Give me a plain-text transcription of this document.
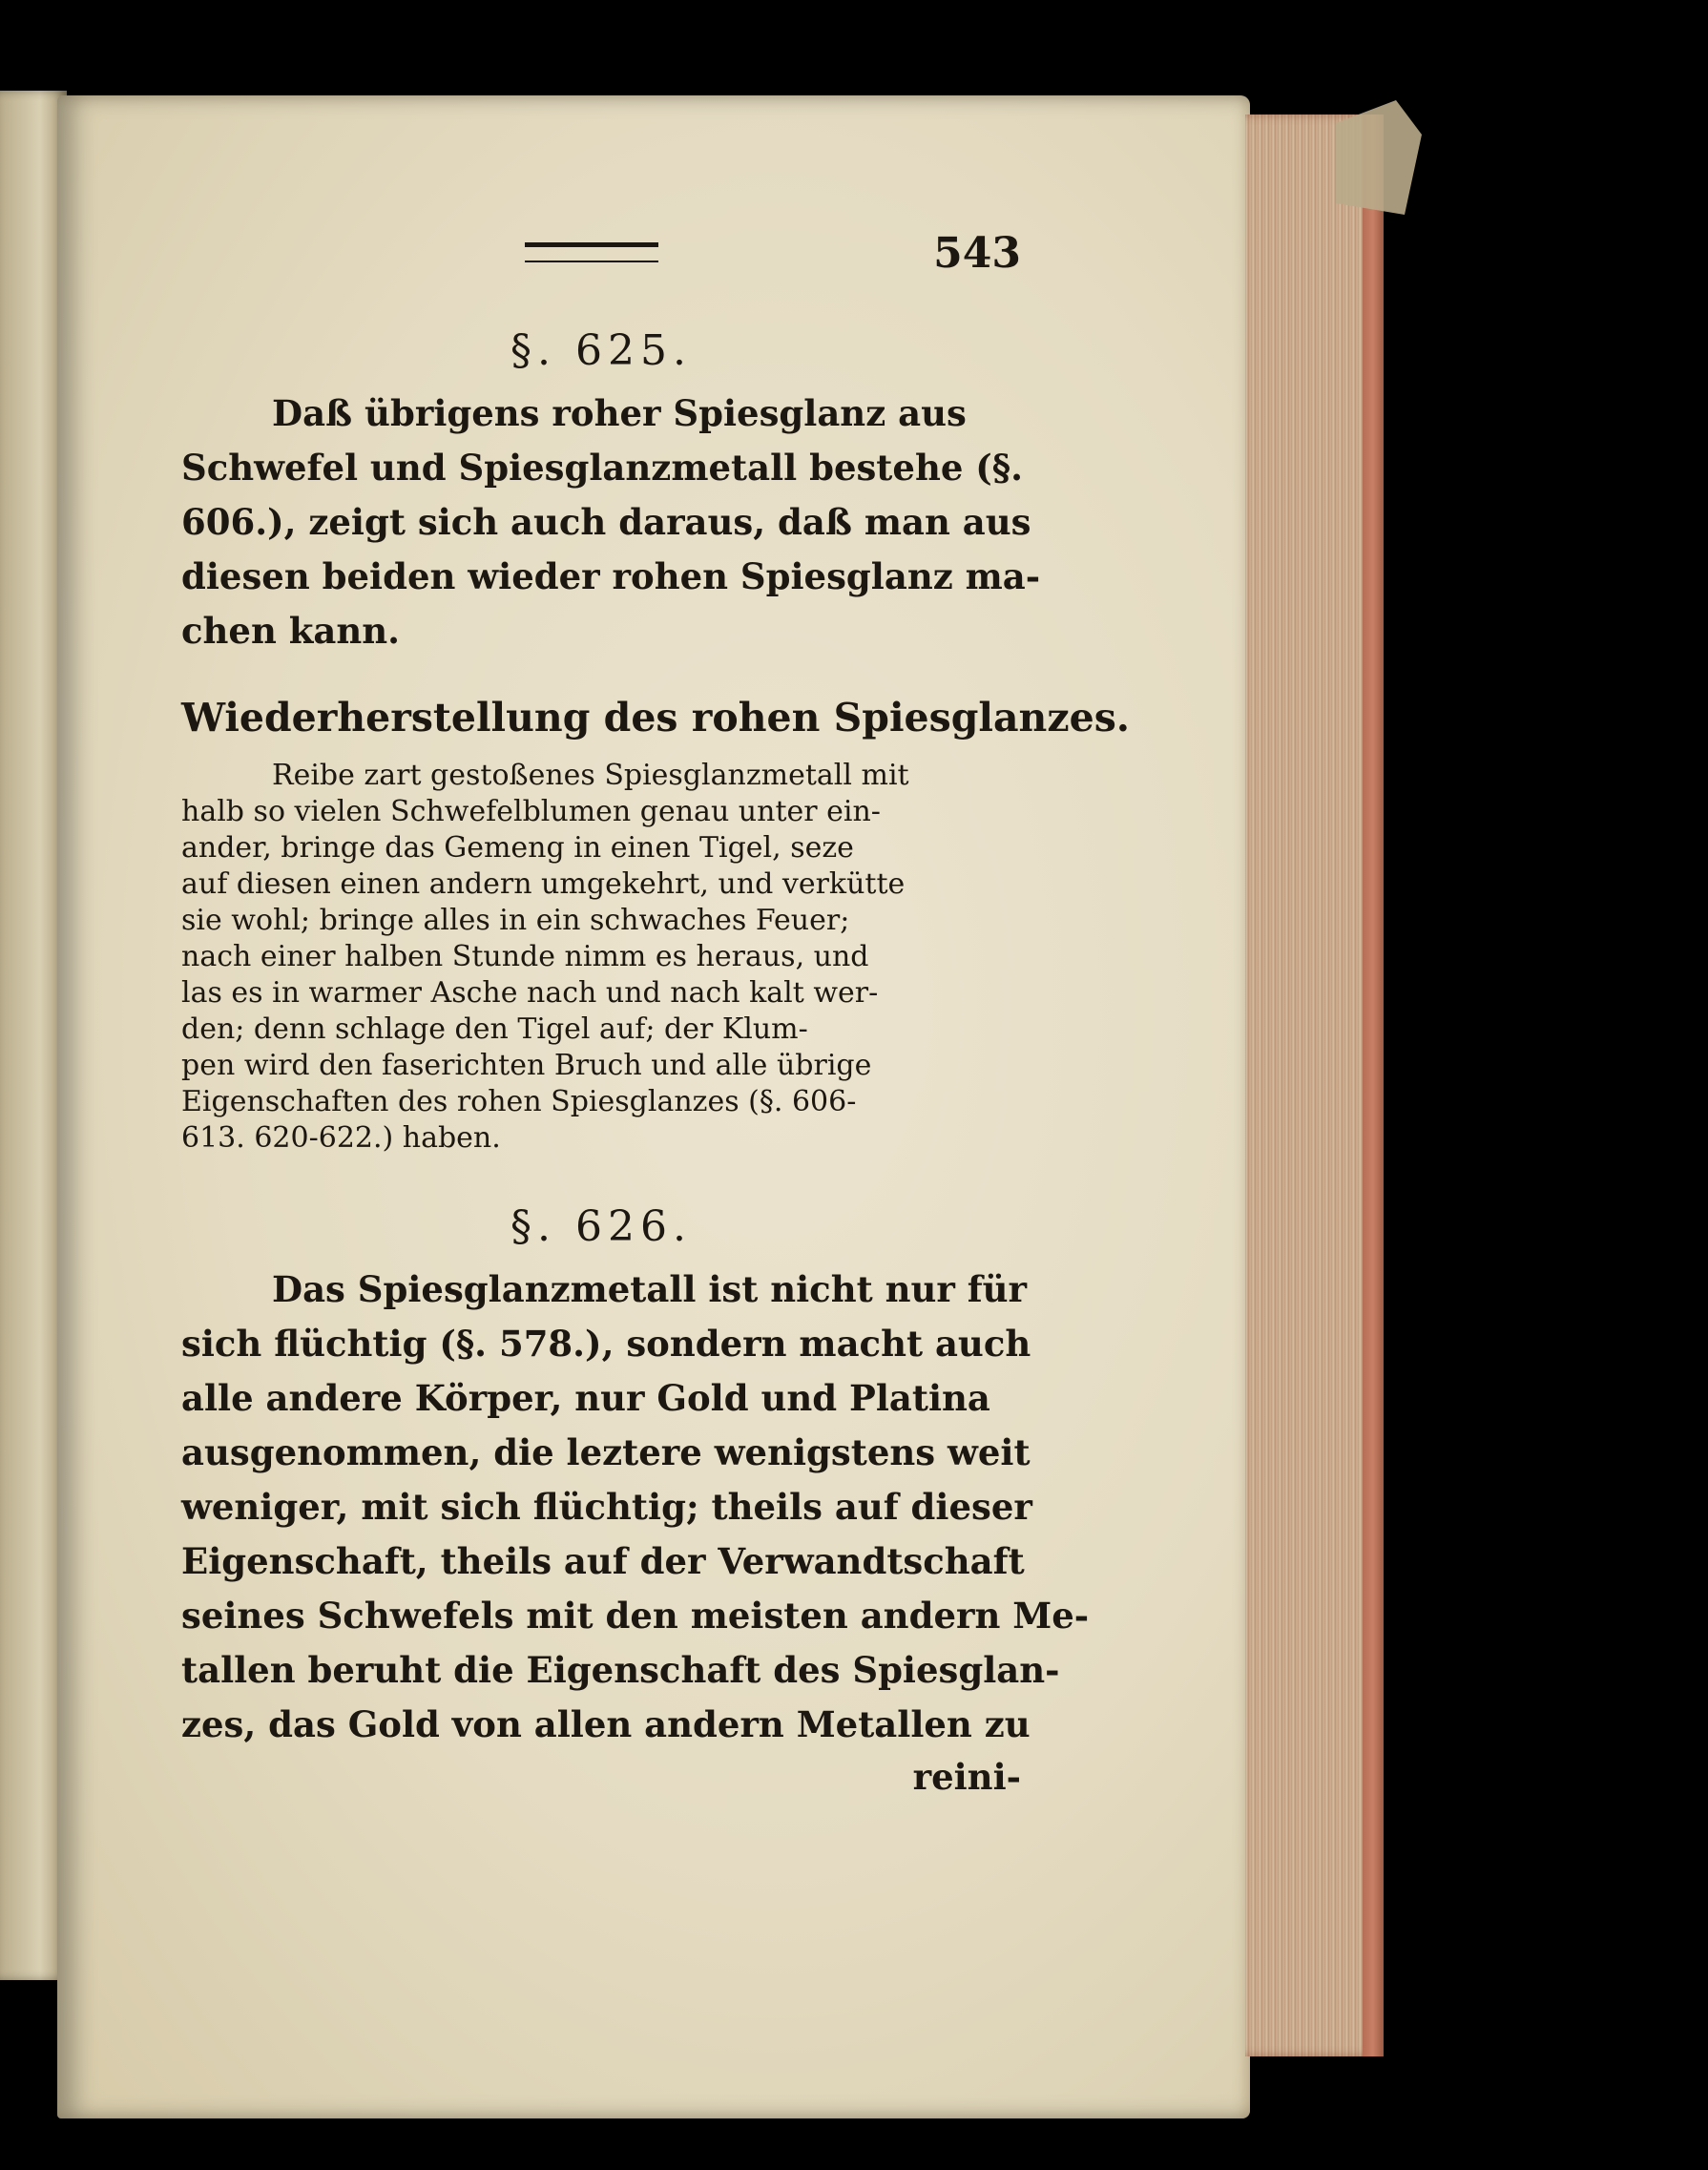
543
§. 625.
Daß übrigens roher Spiesglanz aus
Schwefel und Spiesglanzmetall bestehe (§.
606.), zeigt sich auch daraus, daß man aus
diesen beiden wieder rohen Spiesglanz ma-
chen kann.
Wiederherstellung des rohen Spiesglanzes.
Reibe zart gestoßenes Spiesglanzmetall mit halb so vielen Schwefelblumen genau unter ein- ander, bringe das Gemeng in einen Tigel, seze auf diesen einen andern umgekehrt, und verkütte sie wohl; bringe alles in ein schwaches Feuer; nach einer halben Stunde nimm es heraus, und las es in warmer Asche nach und nach kalt wer- den; denn schlage den Tigel auf; der Klum- pen wird den faserichten Bruch und alle übrige Eigenschaften des rohen Spiesglanzes (§. 606- 613. 620-622.) haben.
§. 626.
Das Spiesglanzmetall ist nicht nur für
sich flüchtig (§. 578.), sondern macht auch
alle andere Körper, nur Gold und Platina
ausgenommen, die leztere wenigstens weit
weniger, mit sich flüchtig; theils auf dieser
Eigenschaft, theils auf der Verwandtschaft
seines Schwefels mit den meisten andern Me-
tallen beruht die Eigenschaft des Spiesglan-
zes, das Gold von allen andern Metallen zu
reini-
